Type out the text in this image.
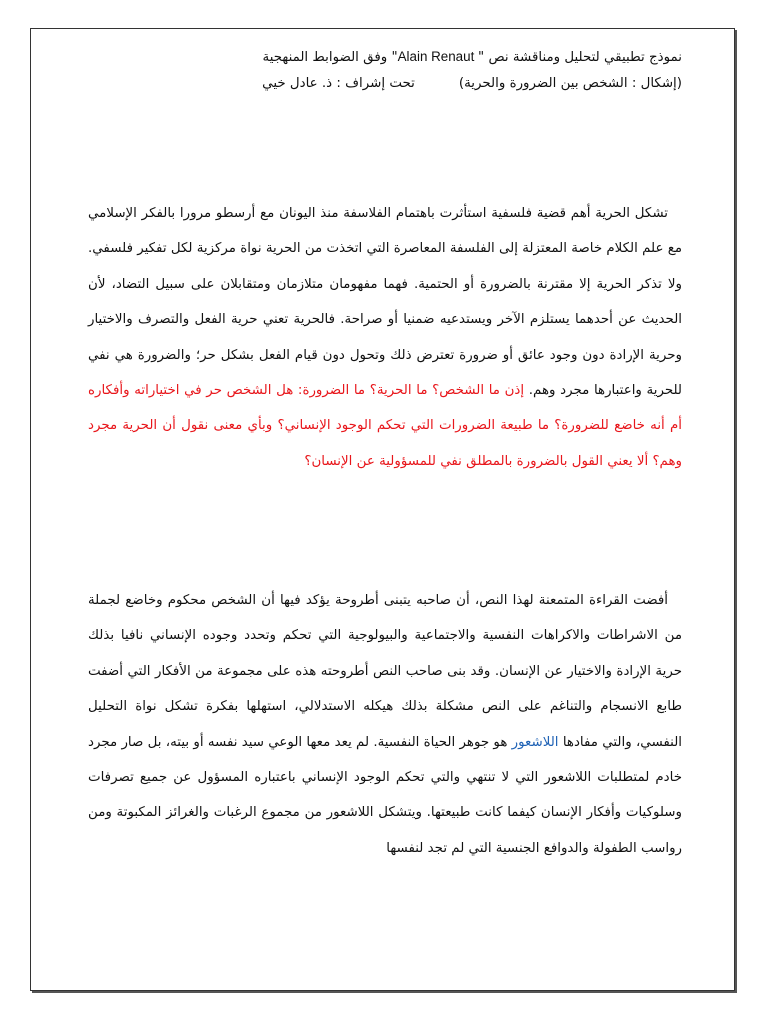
نموذج تطبيقي لتحليل ومناقشة نص " Alain Renaut" وفق الضوابط المنهجية
(إشكال : الشخص بين الضرورة والحرية)تحت إشراف : ذ. عادل خيي

تشكل الحرية أهم قضية فلسفية استأثرت باهتمام الفلاسفة منذ اليونان مع أرسطو مرورا بالفكر الإسلامي مع علم الكلام خاصة المعتزلة إلى الفلسفة المعاصرة التي اتخذت من الحرية نواة مركزية لكل تفكير فلسفي. ولا تذكر الحرية إلا مقترنة بالضرورة أو الحتمية. فهما مفهومان متلازمان ومتقابلان على سبيل التضاد، لأن الحديث عن أحدهما يستلزم الآخر ويستدعيه ضمنيا أو صراحة. فالحرية تعني حرية الفعل والتصرف والاختيار وحرية الإرادة دون وجود عائق أو ضرورة تعترض ذلك وتحول دون قيام الفعل بشكل حر؛ والضرورة هي نفي للحرية واعتبارها مجرد وهم. إذن ما الشخص؟ ما الحرية؟ ما الضرورة: هل الشخص حر في اختياراته وأفكاره أم أنه خاضع للضرورة؟ ما طبيعة الضرورات التي تحكم الوجود الإنساني؟ وبأي معنى نقول أن الحرية مجرد وهم؟ ألا يعني القول بالضرورة بالمطلق نفي للمسؤولية عن الإنسان؟

أفضت القراءة المتمعنة لهذا النص، أن صاحبه يتبنى أطروحة يؤكد فيها أن الشخص محكوم وخاضع لجملة من الاشراطات والاكراهات النفسية والاجتماعية والبيولوجية التي تحكم وتحدد وجوده الإنساني نافيا بذلك حرية الإرادة والاختيار عن الإنسان. وقد بنى صاحب النص أطروحته هذه على مجموعة من الأفكار التي أضفت طابع الانسجام والتناغم على النص مشكلة بذلك هيكله الاستدلالي، استهلها بفكرة تشكل نواة التحليل النفسي، والتي مفادها اللاشعور هو جوهر الحياة النفسية. لم يعد معها الوعي سيد نفسه أو بيته، بل صار مجرد خادم لمتطلبات اللاشعور التي لا تنتهي والتي تحكم الوجود الإنساني باعتباره المسؤول عن جميع تصرفات وسلوكيات وأفكار الإنسان كيفما كانت طبيعتها. ويتشكل اللاشعور من مجموع الرغبات والغرائز المكبوتة ومن رواسب الطفولة والدوافع الجنسية التي لم تجد لنفسها
